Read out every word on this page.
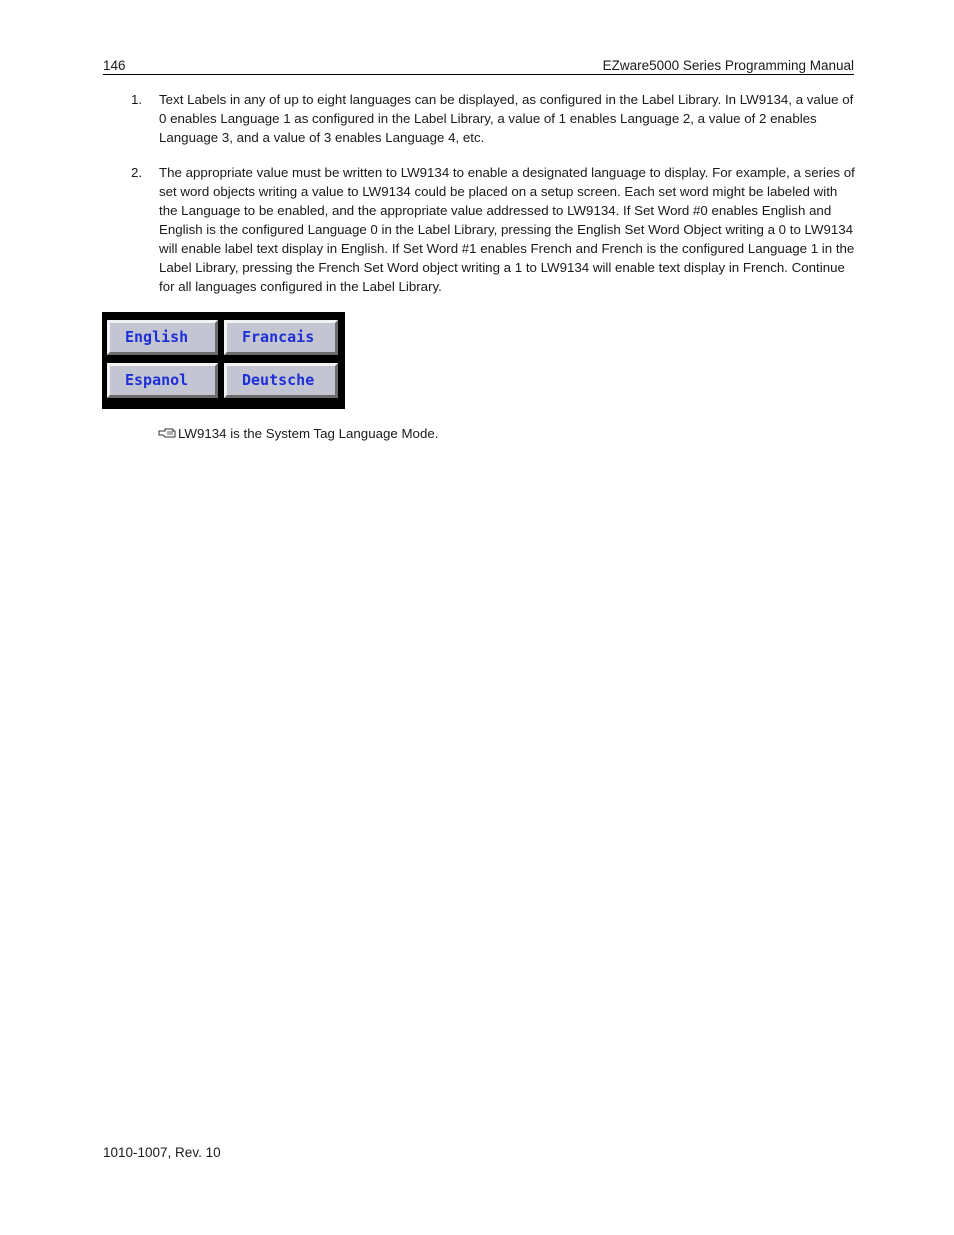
146	EZware5000 Series Programming Manual
1. Text Labels in any of up to eight languages can be displayed, as configured in the Label Library. In LW9134, a value of 0 enables Language 1 as configured in the Label Library, a value of 1 enables Language 2, a value of 2 enables Language 3, and a value of 3 enables Language 4, etc.
2. The appropriate value must be written to LW9134 to enable a designated language to display. For example, a series of set word objects writing a value to LW9134 could be placed on a setup screen. Each set word might be labeled with the Language to be enabled, and the appropriate value addressed to LW9134. If Set Word #0 enables English and English is the configured Language 0 in the Label Library, pressing the English Set Word Object writing a 0 to LW9134 will enable label text display in English. If Set Word #1 enables French and French is the configured Language 1 in the Label Library, pressing the French Set Word object writing a 1 to LW9134 will enable text display in French. Continue for all languages configured in the Label Library.
English	Francais
Espanol	Deutsche
LW9134 is the System Tag Language Mode.
1010-1007, Rev. 10
